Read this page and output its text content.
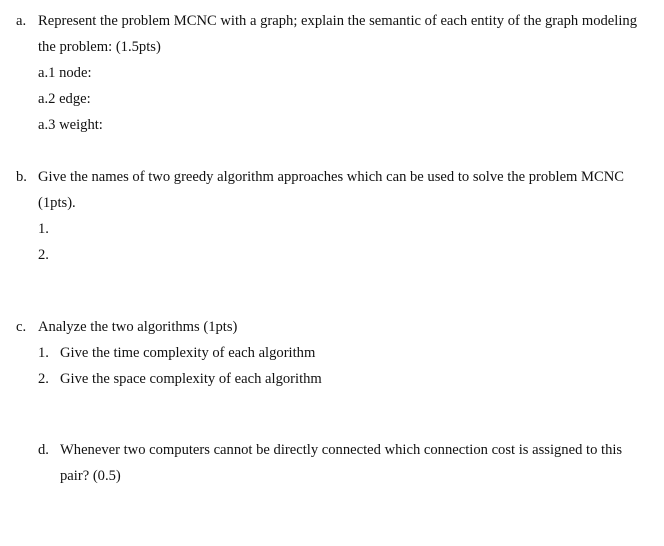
a. Represent the problem MCNC with a graph; explain the semantic of each entity of the graph modeling
the problem: (1.5pts)
a.1 node:
a.2 edge:
a.3 weight:
b. Give the names of two greedy algorithm approaches which can be used to solve the problem MCNC
(1pts).
1.
2.
c. Analyze the two algorithms (1pts)
1. Give the time complexity of each algorithm
2. Give the space complexity of each algorithm
d. Whenever two computers cannot be directly connected which connection cost is assigned to this
pair? (0.5)
